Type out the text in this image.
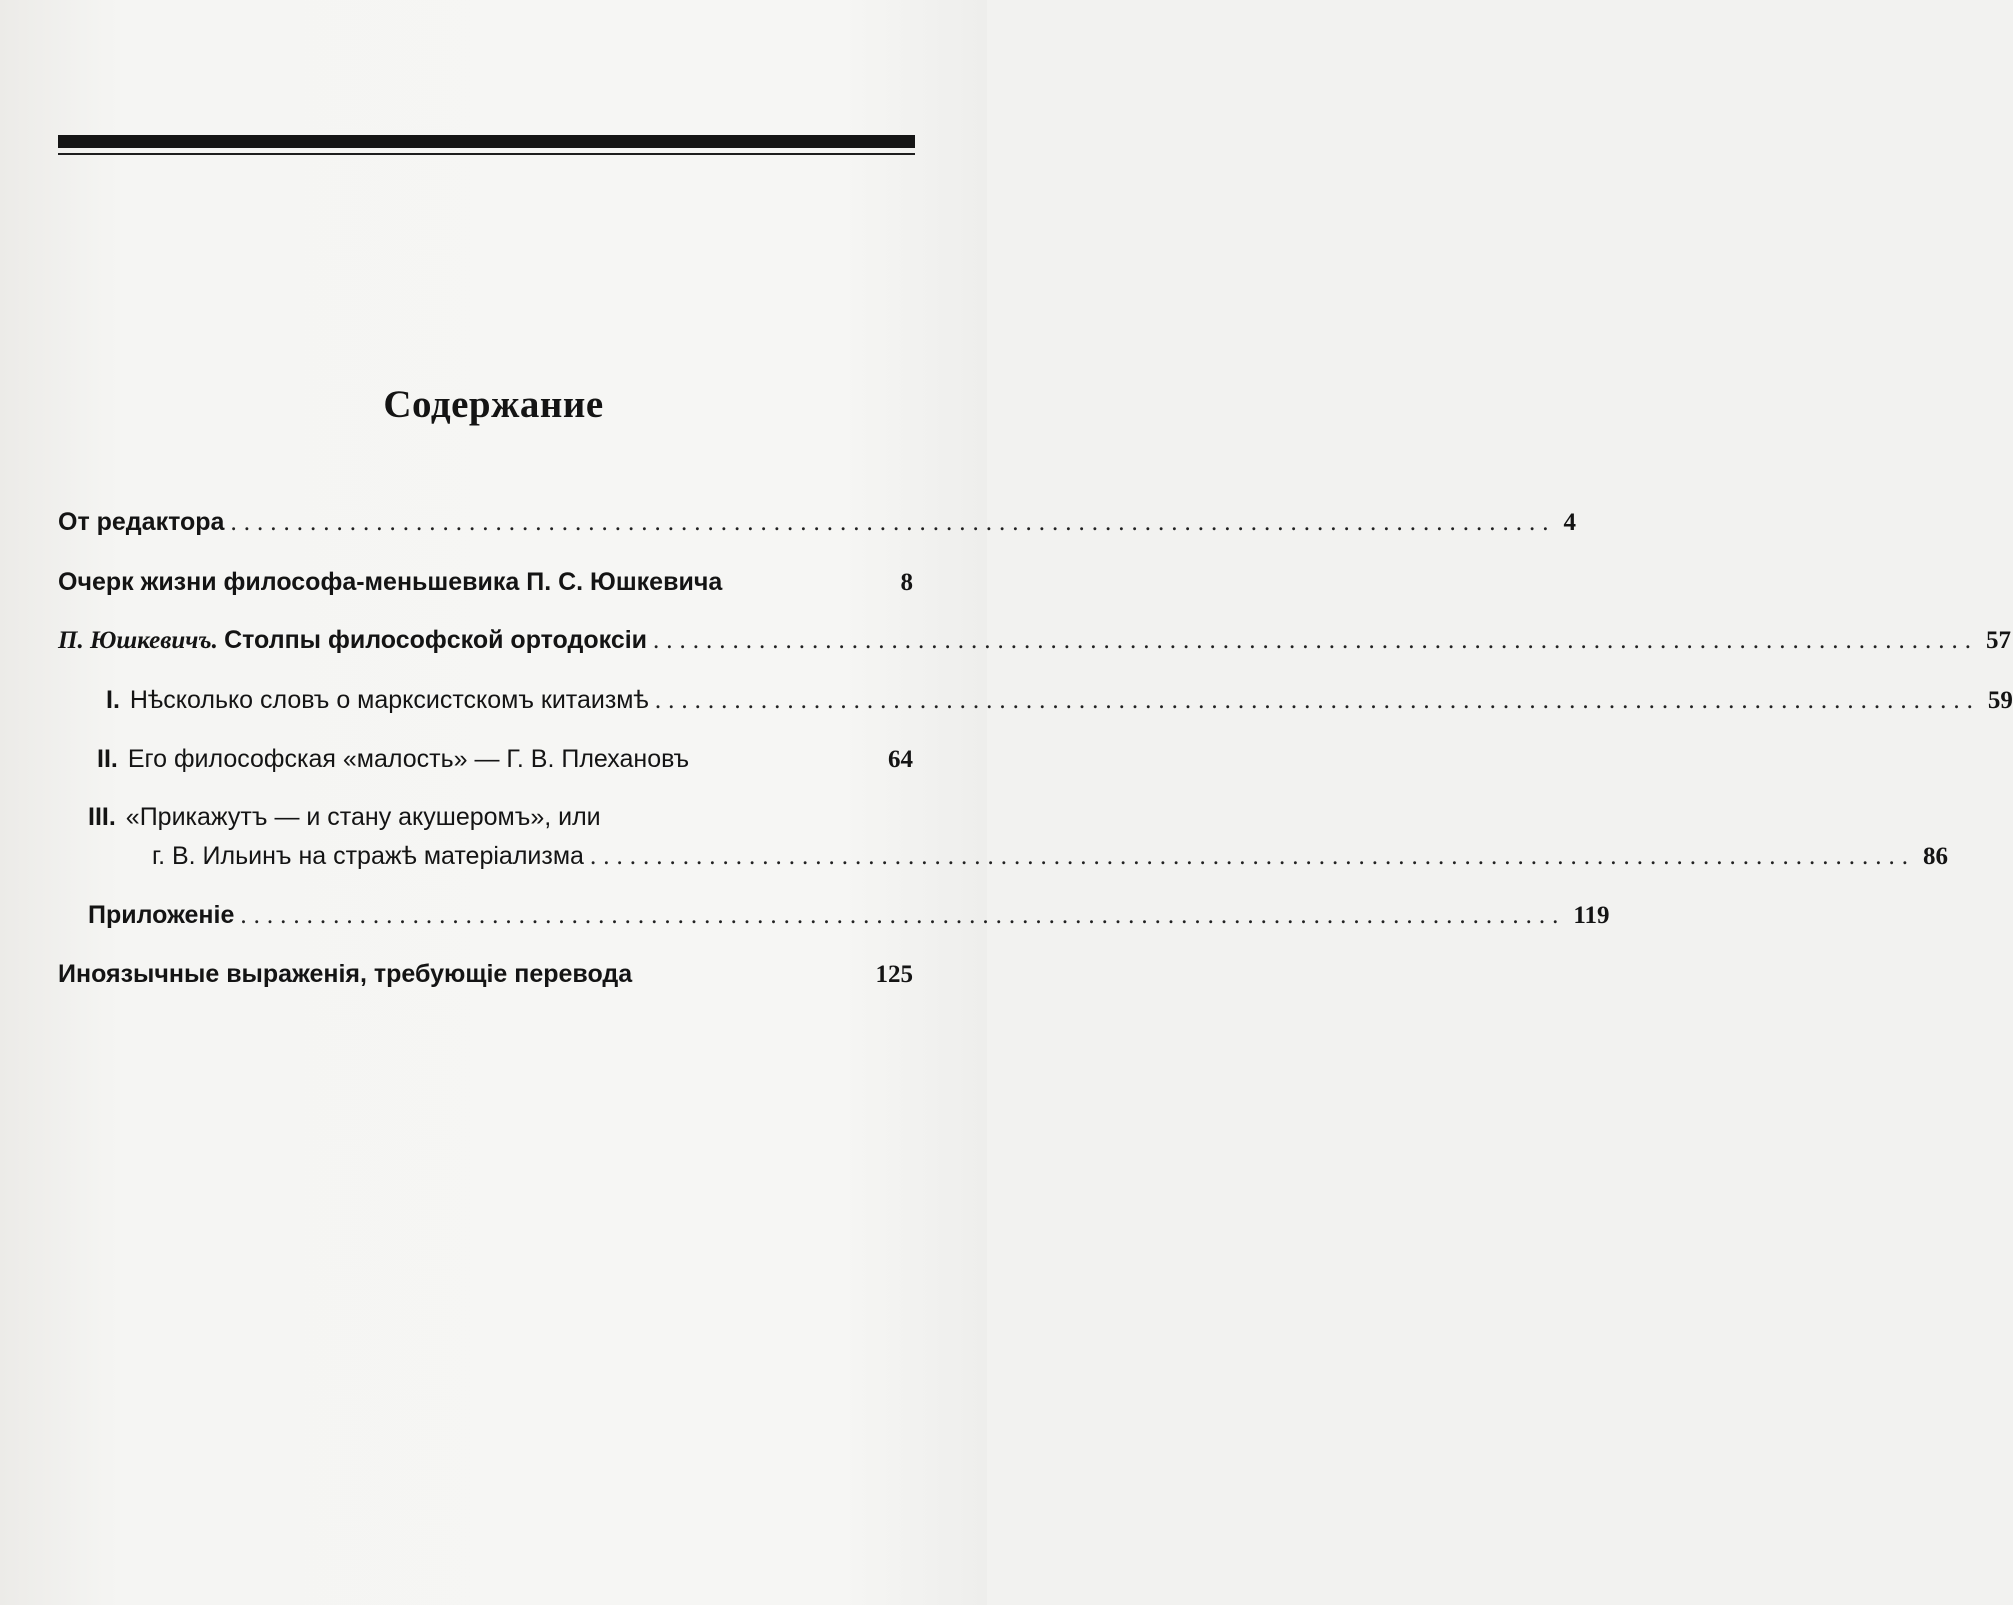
Содержание
От редактора .................................................................................................... 4
Очерк жизни философа-меньшевика П. С. Юшкевича	8
П. Юшкевичъ. Столпы философской ортодоксіи .................................................................................................... 57
I. Нѣсколько словъ о марксистскомъ китаизмѣ .................................................................................................... 59
II. Его философская «малость» — Г. В. Плехановъ	64
III. «Прикажутъ — и стану акушеромъ», или
г. В. Ильинъ на стражѣ матеріализма .................................................................................................... 86
Приложеніе .................................................................................................... 119
Иноязычные выраженія, требующіе перевода	125
